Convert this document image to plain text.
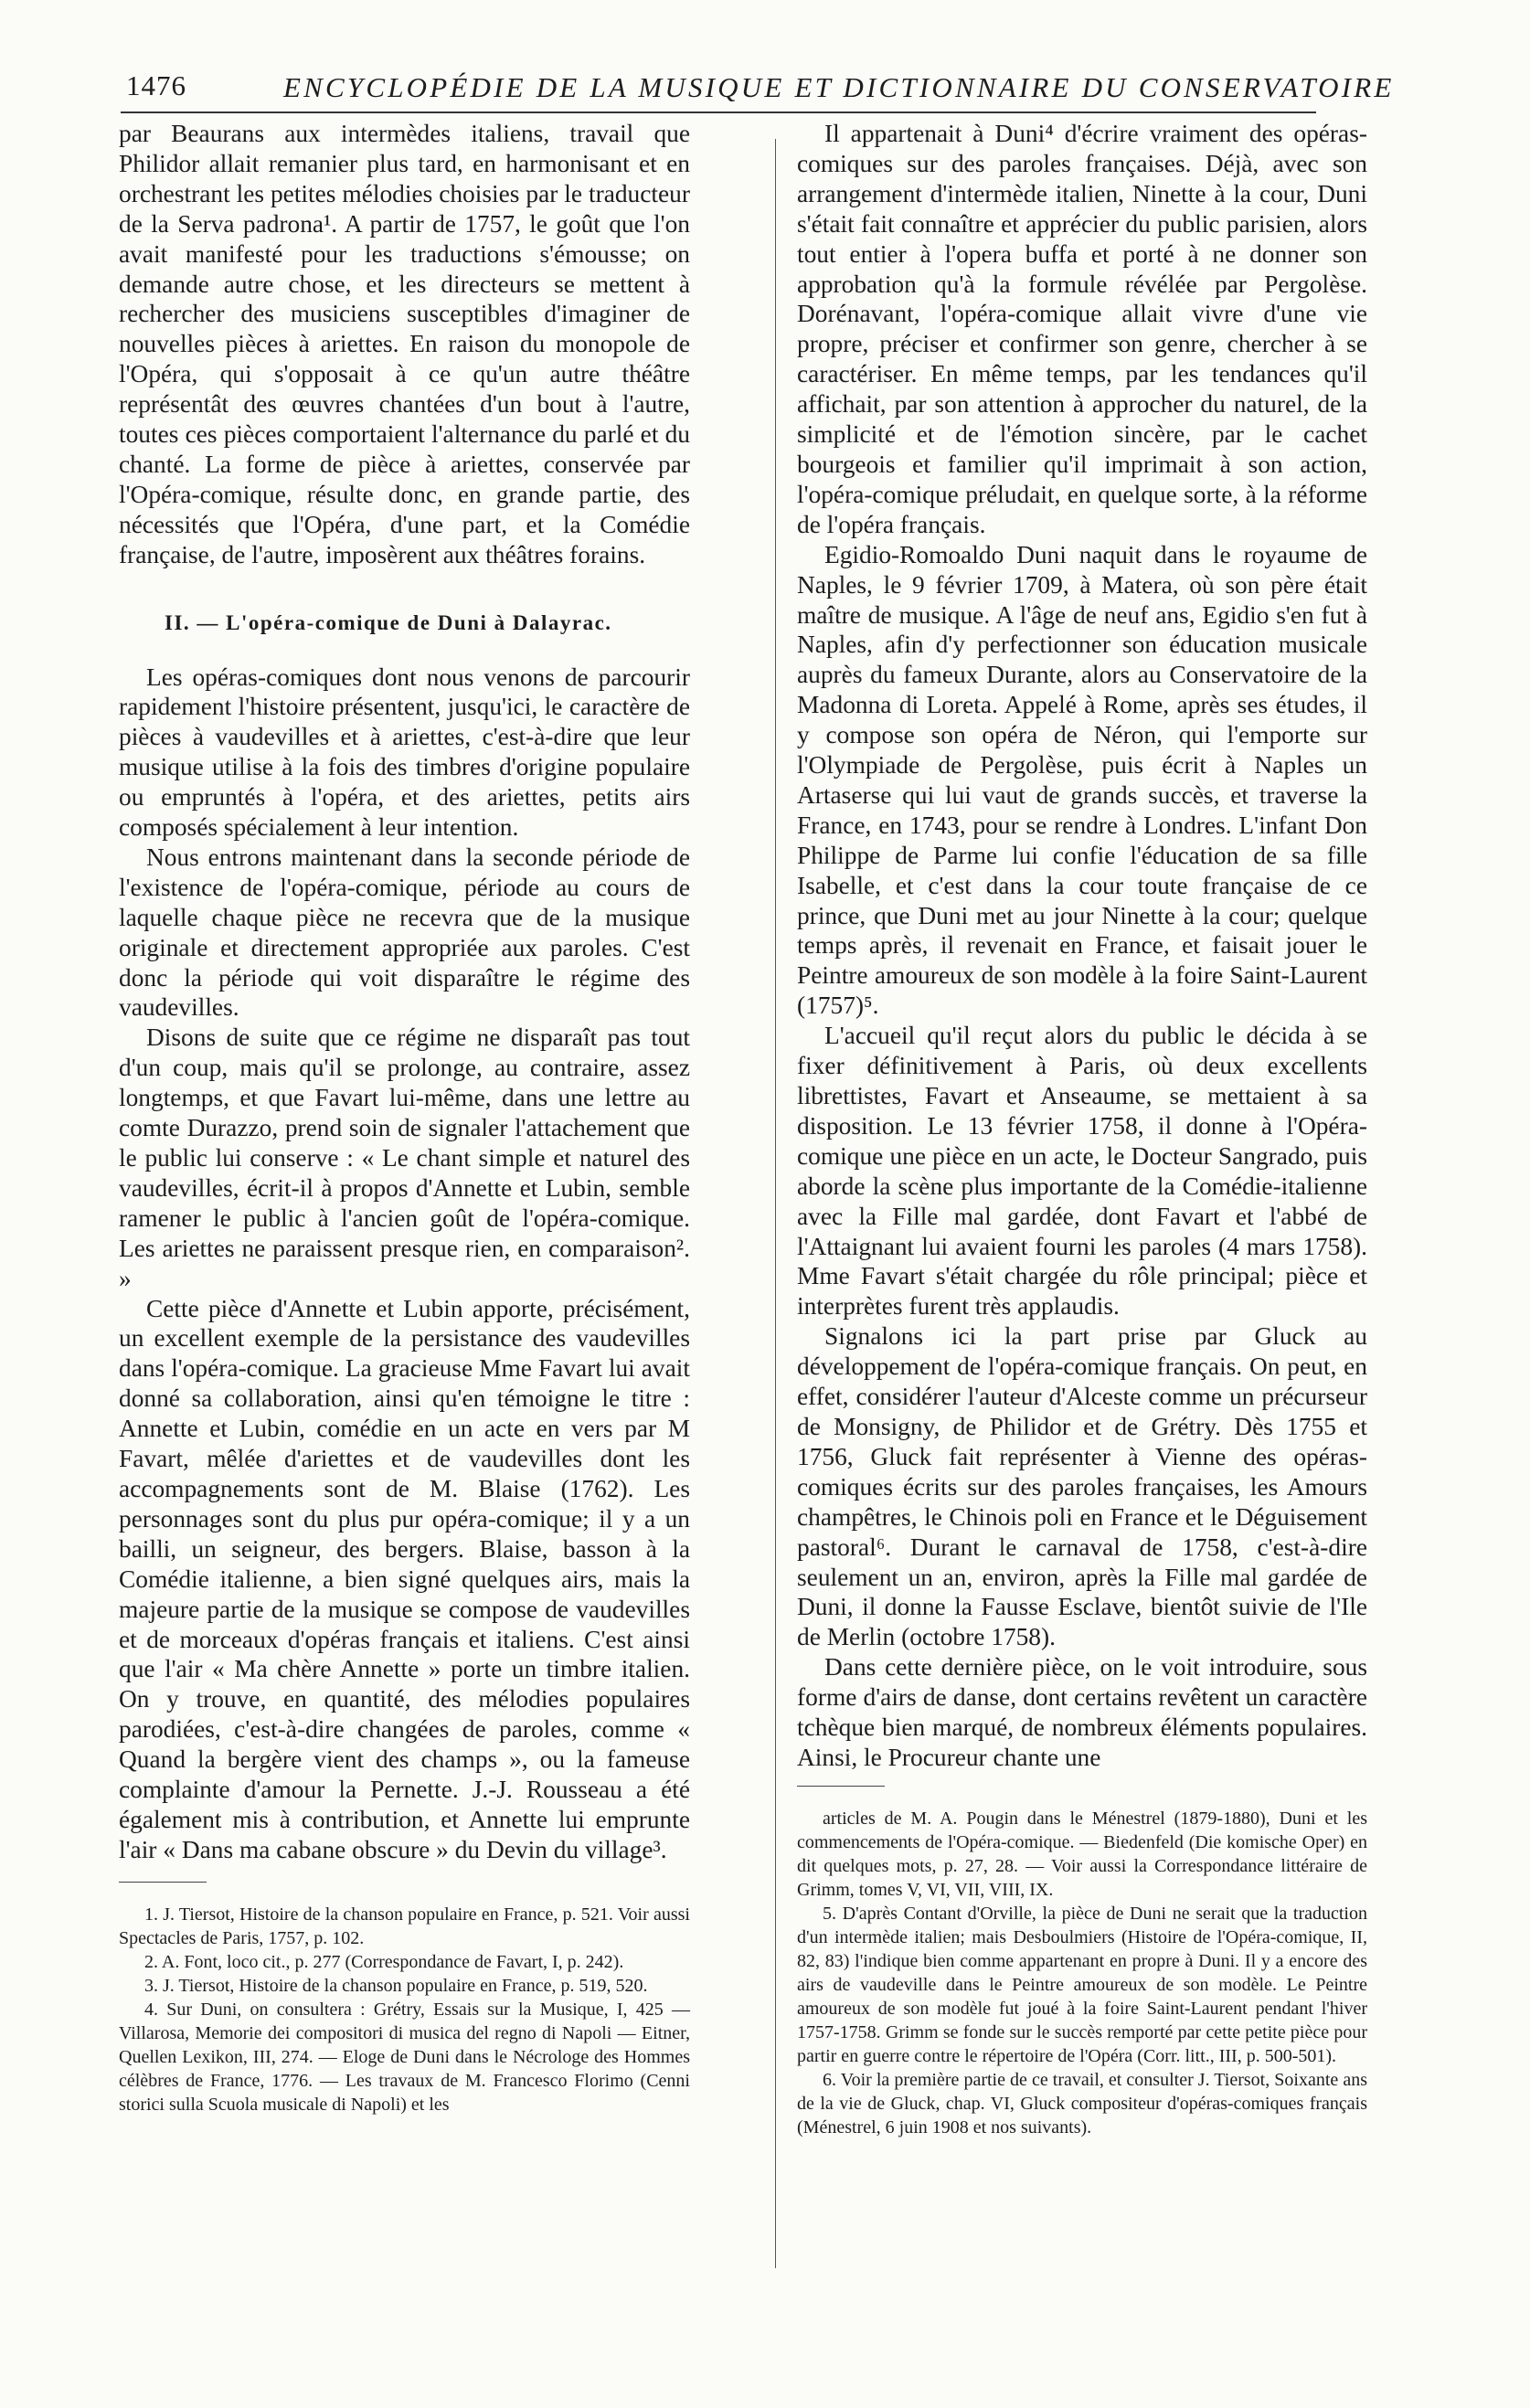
1476	ENCYCLOPÉDIE DE LA MUSIQUE ET DICTIONNAIRE DU CONSERVATOIRE

par Beaurans aux intermèdes italiens, travail que Philidor allait remanier plus tard, en harmonisant et en orchestrant les petites mélodies choisies par le traducteur de la Serva padrona¹. A partir de 1757, le goût que l'on avait manifesté pour les traductions s'émousse; on demande autre chose, et les directeurs se mettent à rechercher des musiciens susceptibles d'imaginer de nouvelles pièces à ariettes. En raison du monopole de l'Opéra, qui s'opposait à ce qu'un autre théâtre représentât des œuvres chantées d'un bout à l'autre, toutes ces pièces comportaient l'alternance du parlé et du chanté. La forme de pièce à ariettes, conservée par l'Opéra-comique, résulte donc, en grande partie, des nécessités que l'Opéra, d'une part, et la Comédie française, de l'autre, imposèrent aux théâtres forains.

II. — L'opéra-comique de Duni à Dalayrac.

Les opéras-comiques dont nous venons de parcourir rapidement l'histoire présentent, jusqu'ici, le caractère de pièces à vaudevilles et à ariettes, c'est-à-dire que leur musique utilise à la fois des timbres d'origine populaire ou empruntés à l'opéra, et des ariettes, petits airs composés spécialement à leur intention.

Nous entrons maintenant dans la seconde période de l'existence de l'opéra-comique, période au cours de laquelle chaque pièce ne recevra que de la musique originale et directement appropriée aux paroles. C'est donc la période qui voit disparaître le régime des vaudevilles.

Disons de suite que ce régime ne disparaît pas tout d'un coup, mais qu'il se prolonge, au contraire, assez longtemps, et que Favart lui-même, dans une lettre au comte Durazzo, prend soin de signaler l'attachement que le public lui conserve : « Le chant simple et naturel des vaudevilles, écrit-il à propos d'Annette et Lubin, semble ramener le public à l'ancien goût de l'opéra-comique. Les ariettes ne paraissent presque rien, en comparaison². »

Cette pièce d'Annette et Lubin apporte, précisément, un excellent exemple de la persistance des vaudevilles dans l'opéra-comique. La gracieuse Mme Favart lui avait donné sa collaboration, ainsi qu'en témoigne le titre : Annette et Lubin, comédie en un acte en vers par M Favart, mêlée d'ariettes et de vaudevilles dont les accompagnements sont de M. Blaise (1762). Les personnages sont du plus pur opéra-comique; il y a un bailli, un seigneur, des bergers. Blaise, basson à la Comédie italienne, a bien signé quelques airs, mais la majeure partie de la musique se compose de vaudevilles et de morceaux d'opéras français et italiens. C'est ainsi que l'air « Ma chère Annette » porte un timbre italien. On y trouve, en quantité, des mélodies populaires parodiées, c'est-à-dire changées de paroles, comme « Quand la bergère vient des champs », ou la fameuse complainte d'amour la Pernette. J.-J. Rousseau a été également mis à contribution, et Annette lui emprunte l'air « Dans ma cabane obscure » du Devin du village³.

1. J. Tiersot, Histoire de la chanson populaire en France, p. 521. Voir aussi Spectacles de Paris, 1757, p. 102.

2. A. Font, loco cit., p. 277 (Correspondance de Favart, I, p. 242).

3. J. Tiersot, Histoire de la chanson populaire en France, p. 519, 520.

4. Sur Duni, on consultera : Grétry, Essais sur la Musique, I, 425 — Villarosa, Memorie dei compositori di musica del regno di Napoli — Eitner, Quellen Lexikon, III, 274. — Eloge de Duni dans le Nécrologe des Hommes célèbres de France, 1776. — Les travaux de M. Francesco Florimo (Cenni storici sulla Scuola musicale di Napoli) et les

Il appartenait à Duni⁴ d'écrire vraiment des opéras-comiques sur des paroles françaises. Déjà, avec son arrangement d'intermède italien, Ninette à la cour, Duni s'était fait connaître et apprécier du public parisien, alors tout entier à l'opera buffa et porté à ne donner son approbation qu'à la formule révélée par Pergolèse. Dorénavant, l'opéra-comique allait vivre d'une vie propre, préciser et confirmer son genre, chercher à se caractériser. En même temps, par les tendances qu'il affichait, par son attention à approcher du naturel, de la simplicité et de l'émotion sincère, par le cachet bourgeois et familier qu'il imprimait à son action, l'opéra-comique préludait, en quelque sorte, à la réforme de l'opéra français.

Egidio-Romoaldo Duni naquit dans le royaume de Naples, le 9 février 1709, à Matera, où son père était maître de musique. A l'âge de neuf ans, Egidio s'en fut à Naples, afin d'y perfectionner son éducation musicale auprès du fameux Durante, alors au Conservatoire de la Madonna di Loreta. Appelé à Rome, après ses études, il y compose son opéra de Néron, qui l'emporte sur l'Olympiade de Pergolèse, puis écrit à Naples un Artaserse qui lui vaut de grands succès, et traverse la France, en 1743, pour se rendre à Londres. L'infant Don Philippe de Parme lui confie l'éducation de sa fille Isabelle, et c'est dans la cour toute française de ce prince, que Duni met au jour Ninette à la cour; quelque temps après, il revenait en France, et faisait jouer le Peintre amoureux de son modèle à la foire Saint-Laurent (1757)⁵.

L'accueil qu'il reçut alors du public le décida à se fixer définitivement à Paris, où deux excellents librettistes, Favart et Anseaume, se mettaient à sa disposition. Le 13 février 1758, il donne à l'Opéra-comique une pièce en un acte, le Docteur Sangrado, puis aborde la scène plus importante de la Comédie-italienne avec la Fille mal gardée, dont Favart et l'abbé de l'Attaignant lui avaient fourni les paroles (4 mars 1758). Mme Favart s'était chargée du rôle principal; pièce et interprètes furent très applaudis.

Signalons ici la part prise par Gluck au développement de l'opéra-comique français. On peut, en effet, considérer l'auteur d'Alceste comme un précurseur de Monsigny, de Philidor et de Grétry. Dès 1755 et 1756, Gluck fait représenter à Vienne des opéras-comiques écrits sur des paroles françaises, les Amours champêtres, le Chinois poli en France et le Déguisement pastoral⁶. Durant le carnaval de 1758, c'est-à-dire seulement un an, environ, après la Fille mal gardée de Duni, il donne la Fausse Esclave, bientôt suivie de l'Ile de Merlin (octobre 1758).

Dans cette dernière pièce, on le voit introduire, sous forme d'airs de danse, dont certains revêtent un caractère tchèque bien marqué, de nombreux éléments populaires. Ainsi, le Procureur chante une

articles de M. A. Pougin dans le Ménestrel (1879-1880), Duni et les commencements de l'Opéra-comique. — Biedenfeld (Die komische Oper) en dit quelques mots, p. 27, 28. — Voir aussi la Correspondance littéraire de Grimm, tomes V, VI, VII, VIII, IX.

5. D'après Contant d'Orville, la pièce de Duni ne serait que la traduction d'un intermède italien; mais Desboulmiers (Histoire de l'Opéra-comique, II, 82, 83) l'indique bien comme appartenant en propre à Duni. Il y a encore des airs de vaudeville dans le Peintre amoureux de son modèle. Le Peintre amoureux de son modèle fut joué à la foire Saint-Laurent pendant l'hiver 1757-1758. Grimm se fonde sur le succès remporté par cette petite pièce pour partir en guerre contre le répertoire de l'Opéra (Corr. litt., III, p. 500-501).

6. Voir la première partie de ce travail, et consulter J. Tiersot, Soixante ans de la vie de Gluck, chap. VI, Gluck compositeur d'opéras-comiques français (Ménestrel, 6 juin 1908 et nos suivants).
